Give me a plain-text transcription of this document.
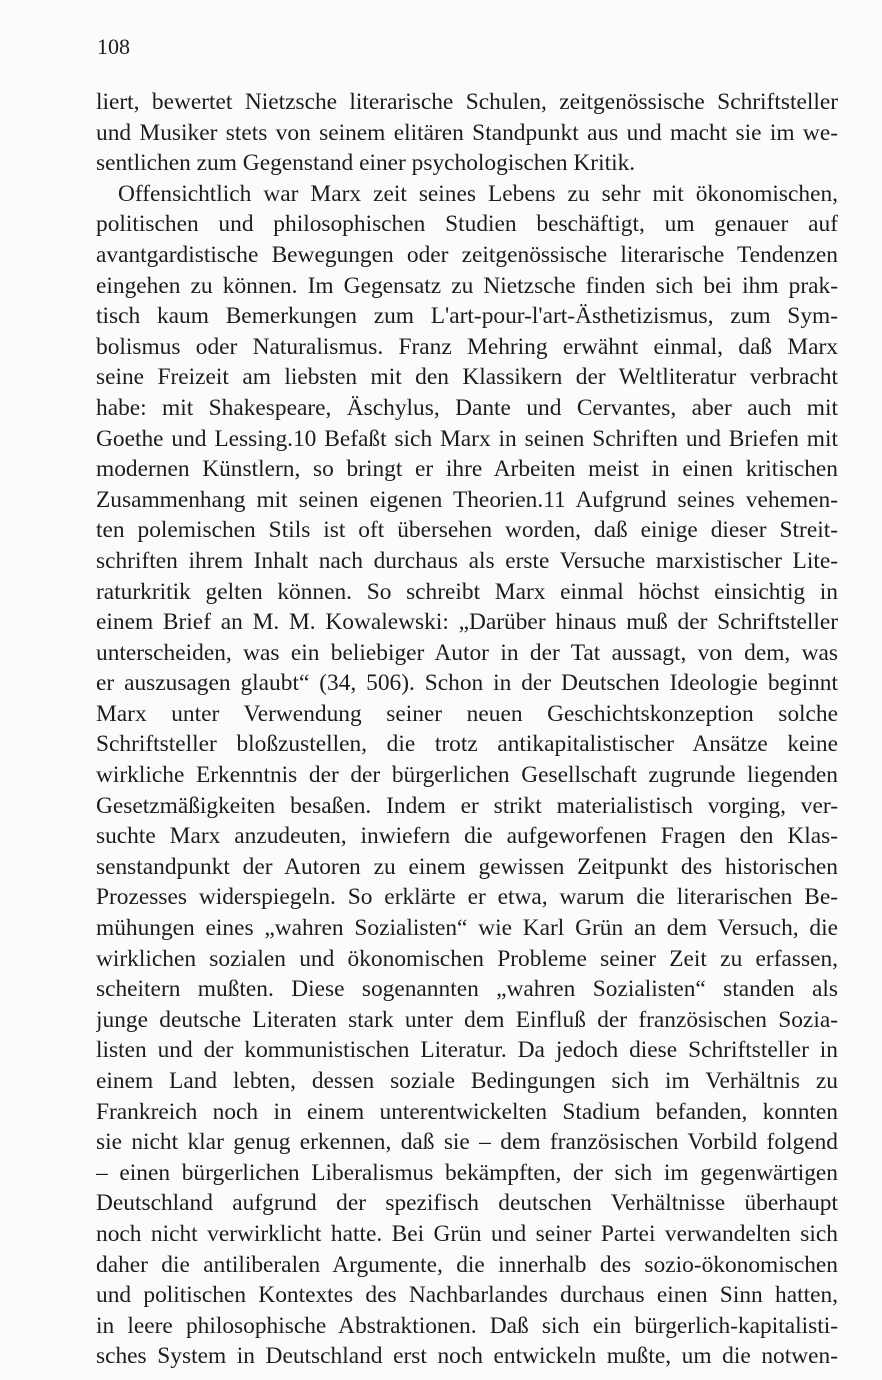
108
liert, bewertet Nietzsche literarische Schulen, zeitgenössische Schriftsteller
und Musiker stets von seinem elitären Standpunkt aus und macht sie im we-
sentlichen zum Gegenstand einer psychologischen Kritik.
Offensichtlich war Marx zeit seines Lebens zu sehr mit ökonomischen,
politischen und philosophischen Studien beschäftigt, um genauer auf
avantgardistische Bewegungen oder zeitgenössische literarische Tendenzen
eingehen zu können. Im Gegensatz zu Nietzsche finden sich bei ihm prak-
tisch kaum Bemerkungen zum L'art-pour-l'art-Ästhetizismus, zum Sym-
bolismus oder Naturalismus. Franz Mehring erwähnt einmal, daß Marx
seine Freizeit am liebsten mit den Klassikern der Weltliteratur verbracht
habe: mit Shakespeare, Äschylus, Dante und Cervantes, aber auch mit
Goethe und Lessing.10 Befaßt sich Marx in seinen Schriften und Briefen mit
modernen Künstlern, so bringt er ihre Arbeiten meist in einen kritischen
Zusammenhang mit seinen eigenen Theorien.11 Aufgrund seines vehemen-
ten polemischen Stils ist oft übersehen worden, daß einige dieser Streit-
schriften ihrem Inhalt nach durchaus als erste Versuche marxistischer Lite-
raturkritik gelten können. So schreibt Marx einmal höchst einsichtig in
einem Brief an M. M. Kowalewski: „Darüber hinaus muß der Schriftsteller
unterscheiden, was ein beliebiger Autor in der Tat aussagt, von dem, was
er auszusagen glaubt“ (34, 506). Schon in der Deutschen Ideologie beginnt
Marx unter Verwendung seiner neuen Geschichtskonzeption solche
Schriftsteller bloßzustellen, die trotz antikapitalistischer Ansätze keine
wirkliche Erkenntnis der der bürgerlichen Gesellschaft zugrunde liegenden
Gesetzmäßigkeiten besaßen. Indem er strikt materialistisch vorging, ver-
suchte Marx anzudeuten, inwiefern die aufgeworfenen Fragen den Klas-
senstandpunkt der Autoren zu einem gewissen Zeitpunkt des historischen
Prozesses widerspiegeln. So erklärte er etwa, warum die literarischen Be-
mühungen eines „wahren Sozialisten“ wie Karl Grün an dem Versuch, die
wirklichen sozialen und ökonomischen Probleme seiner Zeit zu erfassen,
scheitern mußten. Diese sogenannten „wahren Sozialisten“ standen als
junge deutsche Literaten stark unter dem Einfluß der französischen Sozia-
listen und der kommunistischen Literatur. Da jedoch diese Schriftsteller in
einem Land lebten, dessen soziale Bedingungen sich im Verhältnis zu
Frankreich noch in einem unterentwickelten Stadium befanden, konnten
sie nicht klar genug erkennen, daß sie – dem französischen Vorbild folgend
– einen bürgerlichen Liberalismus bekämpften, der sich im gegenwärtigen
Deutschland aufgrund der spezifisch deutschen Verhältnisse überhaupt
noch nicht verwirklicht hatte. Bei Grün und seiner Partei verwandelten sich
daher die antiliberalen Argumente, die innerhalb des sozio-ökonomischen
und politischen Kontextes des Nachbarlandes durchaus einen Sinn hatten,
in leere philosophische Abstraktionen. Daß sich ein bürgerlich-kapitalisti-
sches System in Deutschland erst noch entwickeln mußte, um die notwen-
